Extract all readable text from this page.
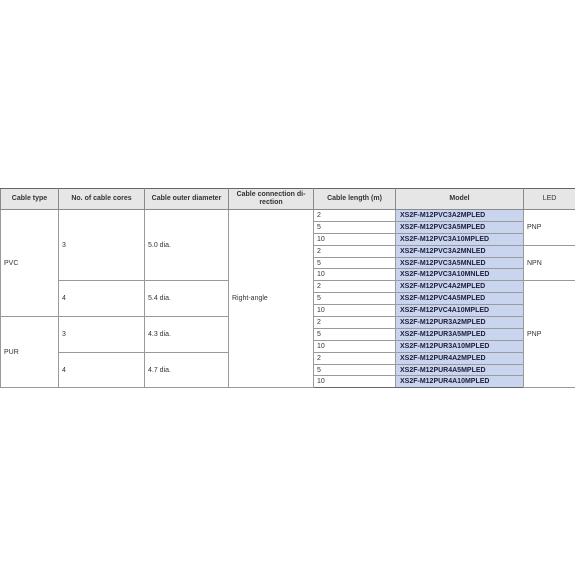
Cable type	No. of cable cores	Cable outer diameter	Cable connection di-rection	Cable length (m)	Model	LED
PVC	3	5.0 dia.	Right-angle	2	XS2F-M12PVC3A2MPLED	PNP
				5	XS2F-M12PVC3A5MPLED	
				10	XS2F-M12PVC3A10MPLED	
				2	XS2F-M12PVC3A2MNLED	NPN
				5	XS2F-M12PVC3A5MNLED	
				10	XS2F-M12PVC3A10MNLED	
	4	5.4 dia.		2	XS2F-M12PVC4A2MPLED	PNP
				5	XS2F-M12PVC4A5MPLED	
				10	XS2F-M12PVC4A10MPLED	
PUR	3	4.3 dia.		2	XS2F-M12PUR3A2MPLED	
				5	XS2F-M12PUR3A5MPLED	
				10	XS2F-M12PUR3A10MPLED	
	4	4.7 dia.		2	XS2F-M12PUR4A2MPLED	
				5	XS2F-M12PUR4A5MPLED	
				10	XS2F-M12PUR4A10MPLED	
